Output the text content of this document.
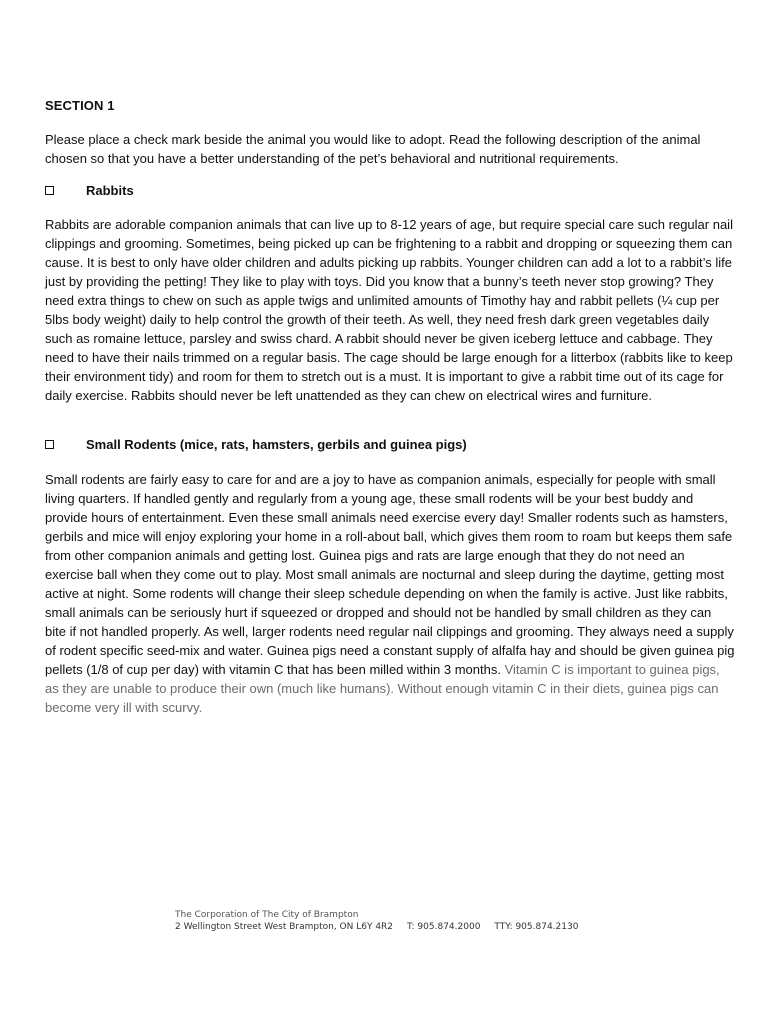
SECTION 1

Please place a check mark beside the animal you would like to adopt. Read the following description of the animal chosen so that you have a better understanding of the pet’s behavioral and nutritional requirements.

Rabbits

Rabbits are adorable companion animals that can live up to 8-12 years of age, but require special care such regular nail clippings and grooming. Sometimes, being picked up can be frightening to a rabbit and dropping or squeezing them can cause. It is best to only have older children and adults picking up rabbits. Younger children can add a lot to a rabbit’s life just by providing the petting! They like to play with toys. Did you know that a bunny’s teeth never stop growing? They need extra things to chew on such as apple twigs and unlimited amounts of Timothy hay and rabbit pellets (¼ cup per 5lbs body weight) daily to help control the growth of their teeth. As well, they need fresh dark green vegetables daily such as romaine lettuce, parsley and swiss chard. A rabbit should never be given iceberg lettuce and cabbage. They need to have their nails trimmed on a regular basis. The cage should be large enough for a litterbox (rabbits like to keep their environment tidy) and room for them to stretch out is a must. It is important to give a rabbit time out of its cage for daily exercise. Rabbits should never be left unattended as they can chew on electrical wires and furniture.

Small Rodents (mice, rats, hamsters, gerbils and guinea pigs)

Small rodents are fairly easy to care for and are a joy to have as companion animals, especially for people with small living quarters. If handled gently and regularly from a young age, these small rodents will be your best buddy and provide hours of entertainment. Even these small animals need exercise every day! Smaller rodents such as hamsters, gerbils and mice will enjoy exploring your home in a roll-about ball, which gives them room to roam but keeps them safe from other companion animals and getting lost. Guinea pigs and rats are large enough that they do not need an exercise ball when they come out to play. Most small animals are nocturnal and sleep during the daytime, getting most active at night. Some rodents will change their sleep schedule depending on when the family is active. Just like rabbits, small animals can be seriously hurt if squeezed or dropped and should not be handled by small children as they can bite if not handled properly. As well, larger rodents need regular nail clippings and grooming. They always need a supply of rodent specific seed-mix and water. Guinea pigs need a constant supply of alfalfa hay and should be given guinea pig pellets (1/8 of cup per day) with vitamin C that has been milled within 3 months. Vitamin C is important to guinea pigs, as they are unable to produce their own (much like humans). Without enough vitamin C in their diets, guinea pigs can become very ill with scurvy.

The Corporation of The City of Brampton
2 Wellington Street West Brampton, ON L6Y 4R2 T: 905.874.2000 TTY: 905.874.2130
